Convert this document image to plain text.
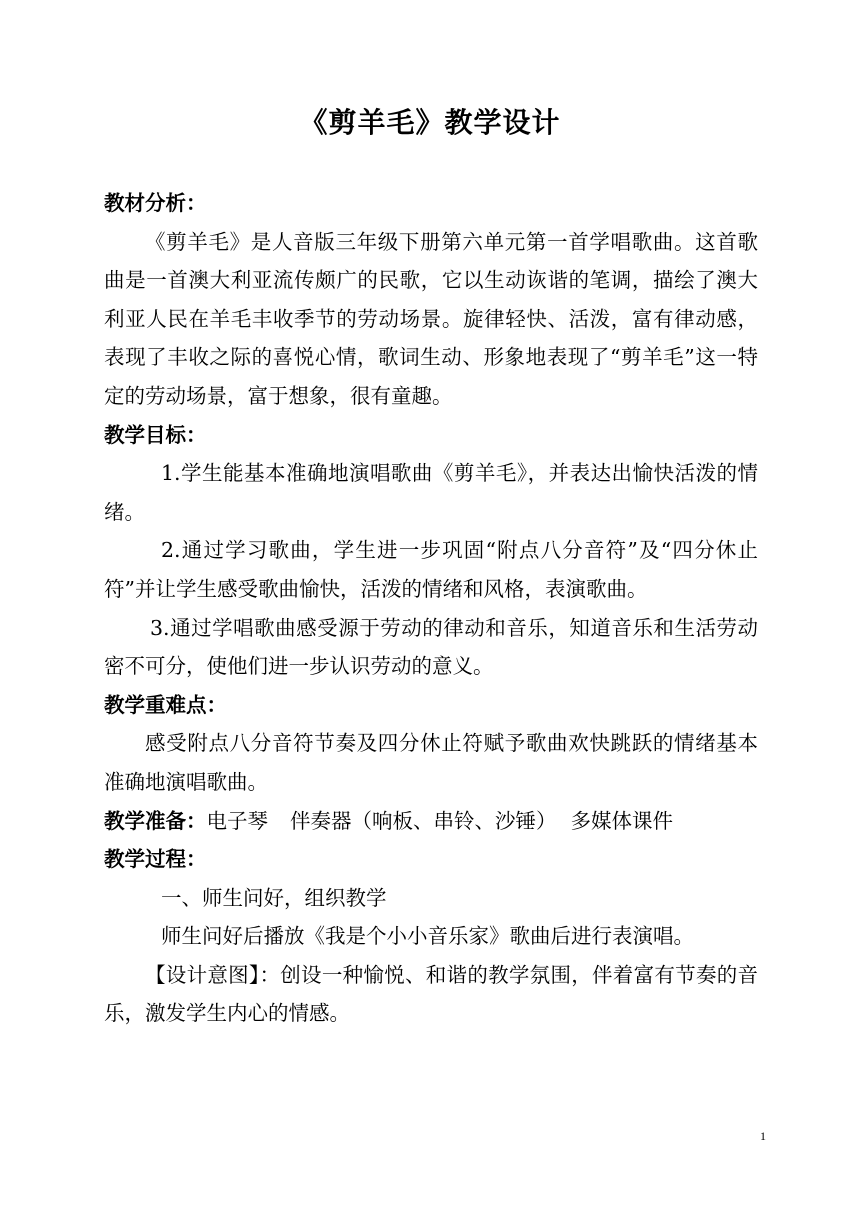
《剪羊毛》教学设计

教材分析：

《剪羊毛》是人音版三年级下册第六单元第一首学唱歌曲。这首歌曲是一首澳大利亚流传颇广的民歌，它以生动诙谐的笔调，描绘了澳大利亚人民在羊毛丰收季节的劳动场景。旋律轻快、活泼，富有律动感，表现了丰收之际的喜悦心情，歌词生动、形象地表现了“剪羊毛”这一特定的劳动场景，富于想象，很有童趣。

教学目标：

1.学生能基本准确地演唱歌曲《剪羊毛》，并表达出愉快活泼的情绪。

2.通过学习歌曲，学生进一步巩固“附点八分音符”及“四分休止符”并让学生感受歌曲愉快，活泼的情绪和风格，表演歌曲。

3.通过学唱歌曲感受源于劳动的律动和音乐，知道音乐和生活劳动密不可分，使他们进一步认识劳动的意义。

教学重难点：

感受附点八分音符节奏及四分休止符赋予歌曲欢快跳跃的情绪基本准确地演唱歌曲。

教学准备：电子琴 伴奏器（响板、串铃、沙锤） 多媒体课件

教学过程：

一、师生问好，组织教学

师生问好后播放《我是个小小音乐家》歌曲后进行表演唱。

【设计意图】：创设一种愉悦、和谐的教学氛围，伴着富有节奏的音乐，激发学生内心的情感。

1
